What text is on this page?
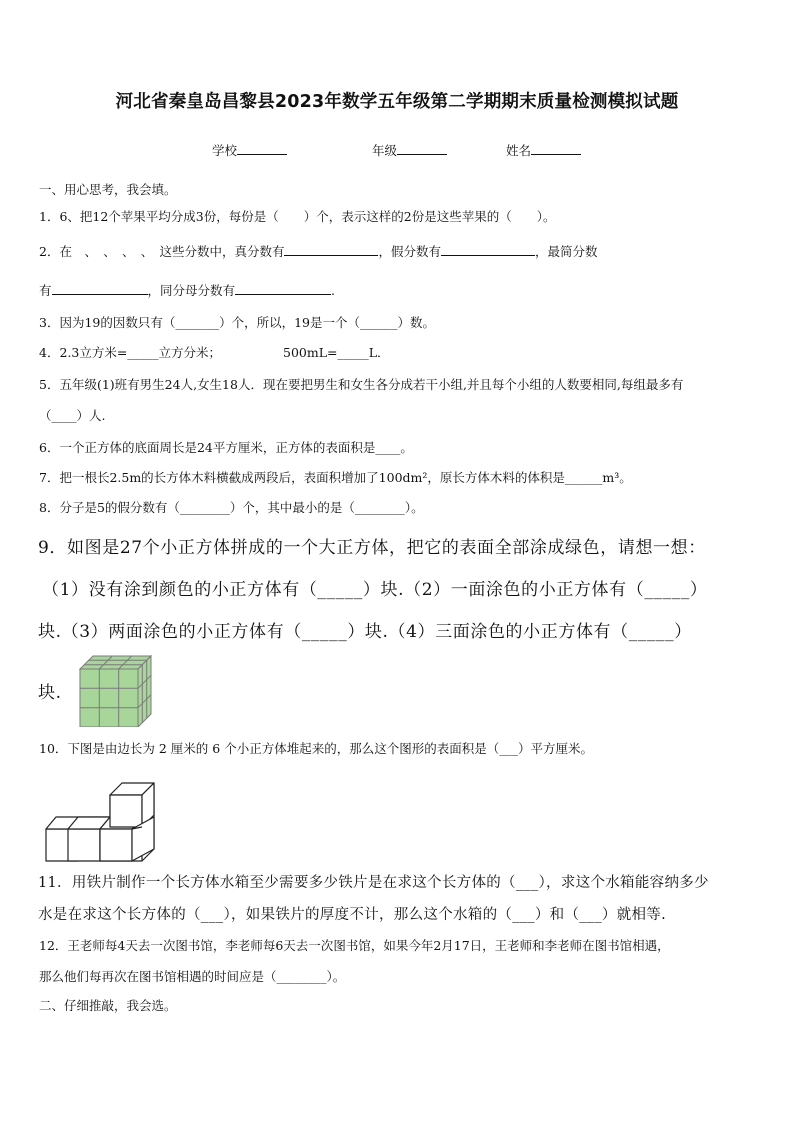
河北省秦皇岛昌黎县2023年数学五年级第二学期期末质量检测模拟试题
学校	年级	姓名
一、用心思考，我会填。
1．6、把12个苹果平均分成3份，每份是（　　）个，表示这样的2份是这些苹果的（　　）。
2．在　、　、　、　、　这些分数中，真分数有	，假分数有	，最简分数
有	，同分母分数有	.
3．因为19的因数只有（_______）个，所以，19是一个（______）数。
4．2.3立方米=_____立方分米；	500mL=_____L．
5．五年级(1)班有男生24人,女生18人．现在要把男生和女生各分成若干小组,并且每个小组的人数要相同,每组最多有
（____）人.
6．一个正方体的底面周长是24平方厘米，正方体的表面积是____。
7．把一根长2.5m的长方体木料横截成两段后，表面积增加了100dm²，原长方体木料的体积是______m³。
8．分子是5的假分数有（________）个，其中最小的是（________）。
9．如图是27个小正方体拼成的一个大正方体，把它的表面全部涂成绿色，请想一想：
（1）没有涂到颜色的小正方体有（_____）块.（2）一面涂色的小正方体有（_____）
块.（3）两面涂色的小正方体有（_____）块.（4）三面涂色的小正方体有（_____）
块.
10．下图是由边长为 2 厘米的 6 个小正方体堆起来的，那么这个图形的表面积是（___）平方厘米。
11．用铁片制作一个长方体水箱至少需要多少铁片是在求这个长方体的（___），求这个水箱能容纳多少
水是在求这个长方体的（___），如果铁片的厚度不计，那么这个水箱的（___）和（___）就相等.
12．王老师每4天去一次图书馆，李老师每6天去一次图书馆，如果今年2月17日，王老师和李老师在图书馆相遇，
那么他们每再次在图书馆相遇的时间应是（________）。
二、仔细推敲，我会选。
